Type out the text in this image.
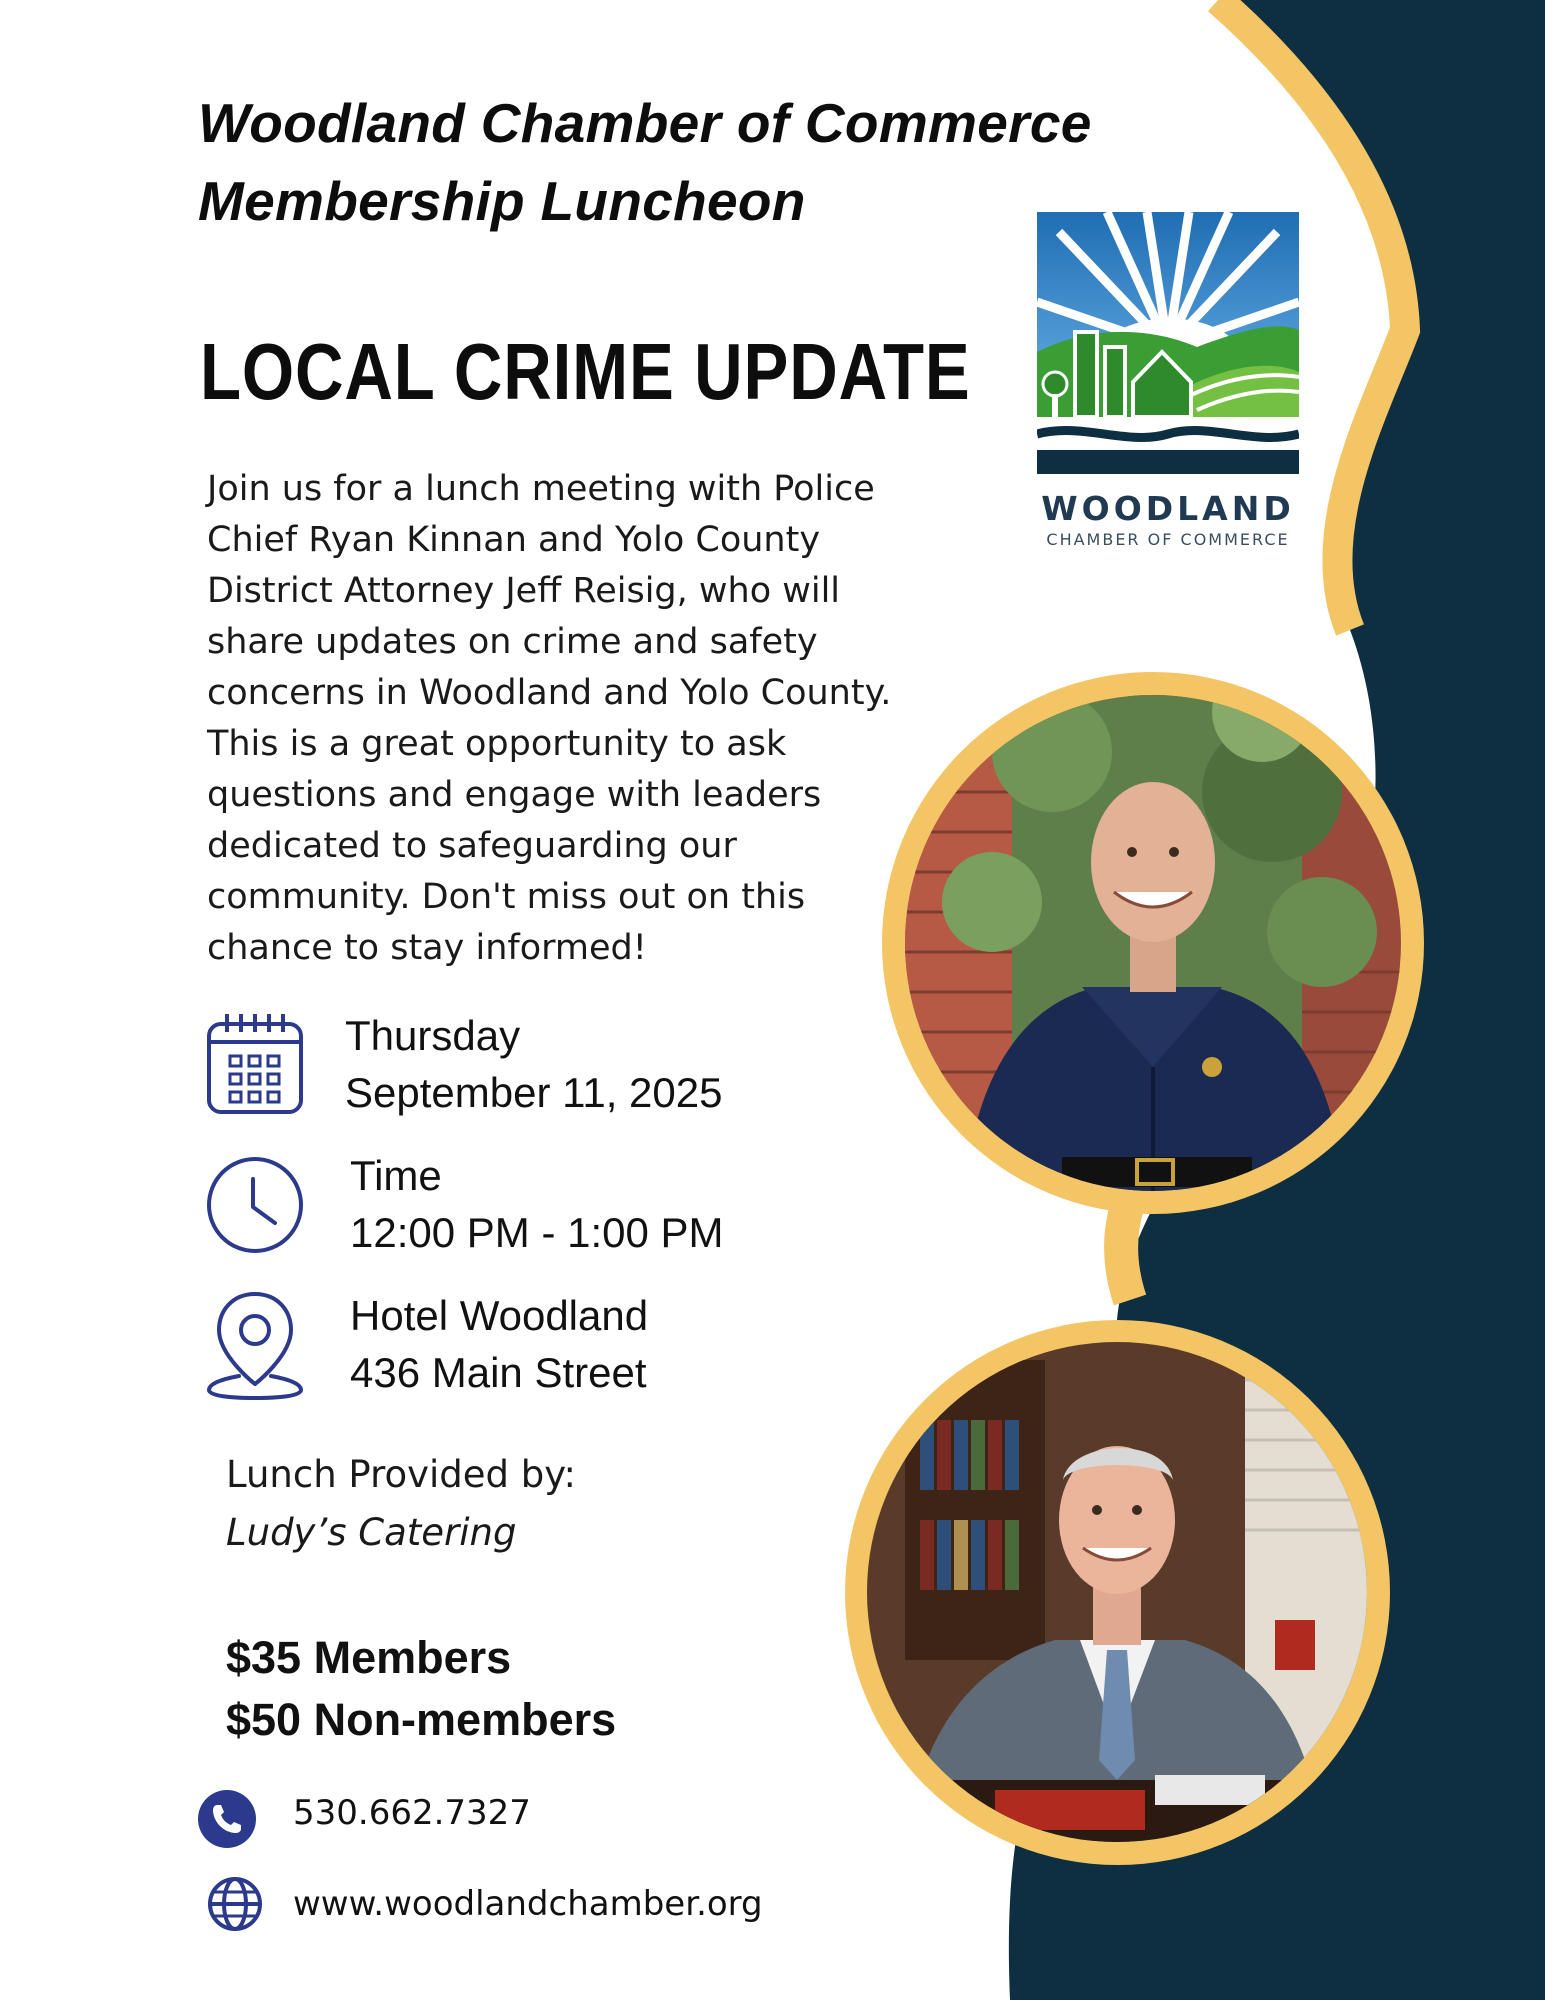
Woodland Chamber of Commerce
Membership Luncheon
LOCAL CRIME UPDATE

Join us for a lunch meeting with Police Chief Ryan Kinnan and Yolo County District Attorney Jeff Reisig, who will share updates on crime and safety concerns in Woodland and Yolo County. This is a great opportunity to ask questions and engage with leaders dedicated to safeguarding our community. Don't miss out on this chance to stay informed!

WOODLAND
CHAMBER OF COMMERCE
Thursday
September 11, 2025
Time
12:00 PM - 1:00 PM
Hotel Woodland
436 Main Street
Lunch Provided by:
Ludy’s Catering
$35 Members
$50 Non-members
530.662.7327
www.woodlandchamber.org
